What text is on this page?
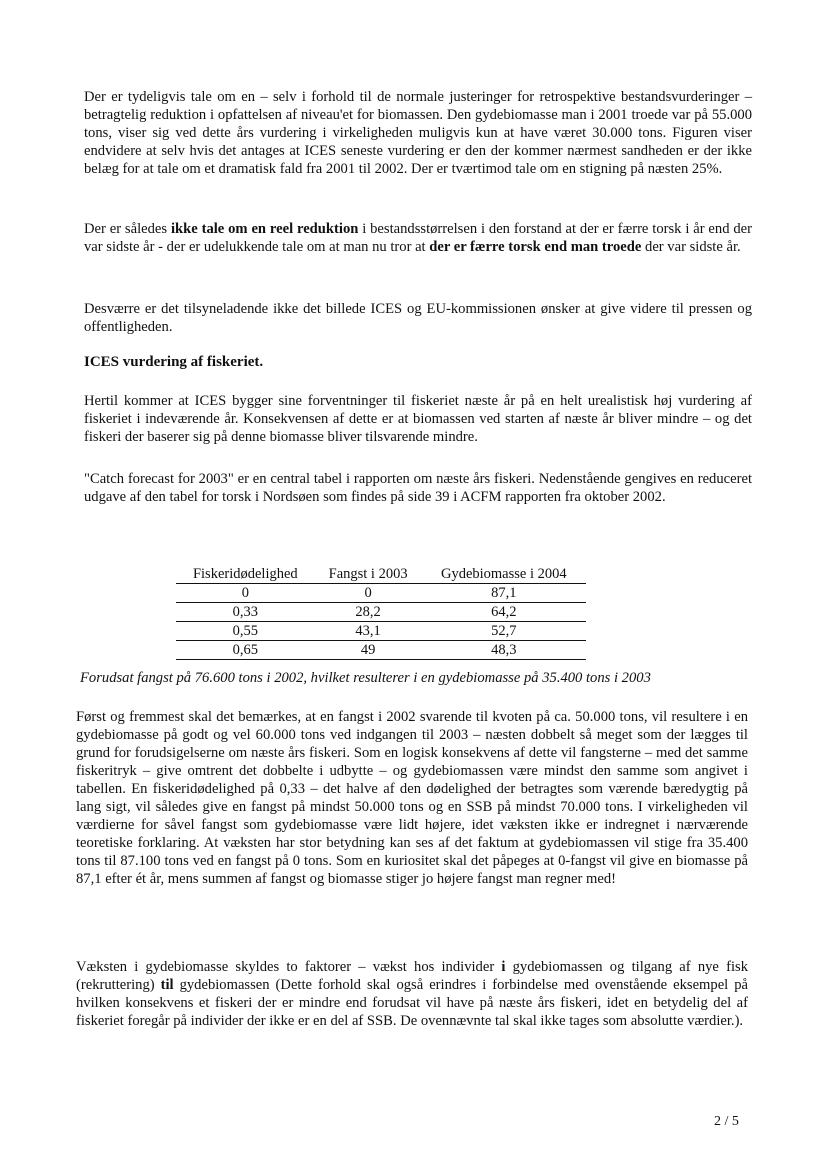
Der er tydeligvis tale om en – selv i forhold til de normale justeringer for retrospektive bestandsvurderinger – betragtelig reduktion i opfattelsen af niveau'et for biomassen. Den gydebiomasse man i 2001 troede var på 55.000 tons, viser sig ved dette års vurdering i virkeligheden muligvis kun at have været 30.000 tons. Figuren viser endvidere at selv hvis det antages at ICES seneste vurdering er den der kommer nærmest sandheden er der ikke belæg for at tale om et dramatisk fald fra 2001 til 2002. Der er tværtimod tale om en stigning på næsten 25%.

Der er således ikke tale om en reel reduktion i bestandsstørrelsen i den forstand at der er færre torsk i år end der var sidste år - der er udelukkende tale om at man nu tror at der er færre torsk end man troede der var sidste år.

Desværre er det tilsyneladende ikke det billede ICES og EU-kommissionen ønsker at give videre til pressen og offentligheden.

ICES vurdering af fiskeriet.

Hertil kommer at ICES bygger sine forventninger til fiskeriet næste år på en helt urealistisk høj vurdering af fiskeriet i indeværende år. Konsekvensen af dette er at biomassen ved starten af næste år bliver mindre – og det fiskeri der baserer sig på denne biomasse bliver tilsvarende mindre.

"Catch forecast for 2003" er en central tabel i rapporten om næste års fiskeri. Nedenstående gengives en reduceret udgave af den tabel for torsk i Nordsøen som findes på side 39 i ACFM rapporten fra oktober 2002.

Fiskeridødelighed	Fangst i 2003	Gydebiomasse i 2004
0	0	87,1
0,33	28,2	64,2
0,55	43,1	52,7
0,65	49	48,3

Forudsat fangst på 76.600 tons i 2002, hvilket resulterer i en gydebiomasse på 35.400 tons i 2003

Først og fremmest skal det bemærkes, at en fangst i 2002 svarende til kvoten på ca. 50.000 tons, vil resultere i en gydebiomasse på godt og vel 60.000 tons ved indgangen til 2003 – næsten dobbelt så meget som der lægges til grund for forudsigelserne om næste års fiskeri. Som en logisk konsekvens af dette vil fangsterne – med det samme fiskeritryk – give omtrent det dobbelte i udbytte – og gydebiomassen være mindst den samme som angivet i tabellen. En fiskeridødelighed på 0,33 – det halve af den dødelighed der betragtes som værende bæredygtig på lang sigt, vil således give en fangst på mindst 50.000 tons og en SSB på mindst 70.000 tons. I virkeligheden vil værdierne for såvel fangst som gydebiomasse være lidt højere, idet væksten ikke er indregnet i nærværende teoretiske forklaring. At væksten har stor betydning kan ses af det faktum at gydebiomassen vil stige fra 35.400 tons til 87.100 tons ved en fangst på 0 tons. Som en kuriositet skal det påpeges at 0-fangst vil give en biomasse på 87,1 efter ét år, mens summen af fangst og biomasse stiger jo højere fangst man regner med!

Væksten i gydebiomasse skyldes to faktorer – vækst hos individer i gydebiomassen og tilgang af nye fisk (rekruttering) til gydebiomassen (Dette forhold skal også erindres i forbindelse med ovenstående eksempel på hvilken konsekvens et fiskeri der er mindre end forudsat vil have på næste års fiskeri, idet en betydelig del af fiskeriet foregår på individer der ikke er en del af SSB. De ovennævnte tal skal ikke tages som absolutte værdier.).

2 / 5
